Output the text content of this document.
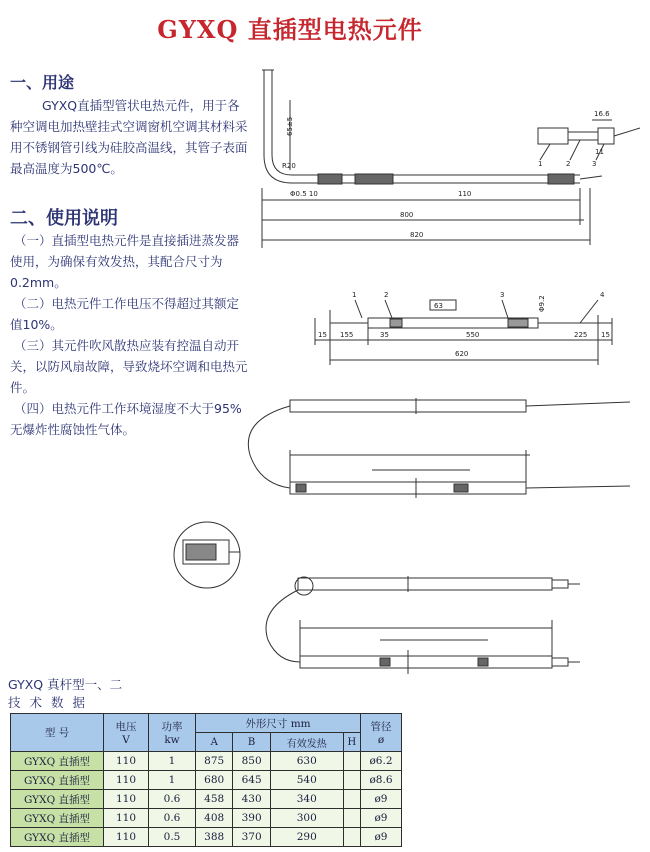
GYXQ 直插型电热元件
一、用途
GYXQ直插型管状电热元件，用于各种空调电加热壁挂式空调窗机空调其材料采用不锈钢管引线为硅胶高温线，其管子表面最高温度为500℃。
二、使用说明
（一）直插型电热元件是直接插进蒸发器使用，为确保有效发热，其配合尺寸为0.2mm。
（二）电热元件工作电压不得超过其额定值10%。
（三）其元件吹风散热应装有控温自动开关，以防风扇故障，导致烧坏空调和电热元件。
（四）电热元件工作环境湿度不大于95%无爆炸性腐蚀性气体。
65±5
R20
Φ0.5 10	110
800
820
16.6
11
1	2	3
15 155	35	550
620
225 15
63	Φ9.2
1	2	3	4
GYXQ 真杆型一、二
技术数据
型 号	电压
V	功率
kw	外形尺寸 mm				管径
ø
			A	B	有效发热	H	
GYXQ 直插型	110	1	875	850	630		ø6.2
GYXQ 直插型	110	1	680	645	540		ø8.6
GYXQ 直插型	110	0.6	458	430	340		ø9
GYXQ 直插型	110	0.6	408	390	300		ø9
GYXQ 直插型	110	0.5	388	370	290		ø9
